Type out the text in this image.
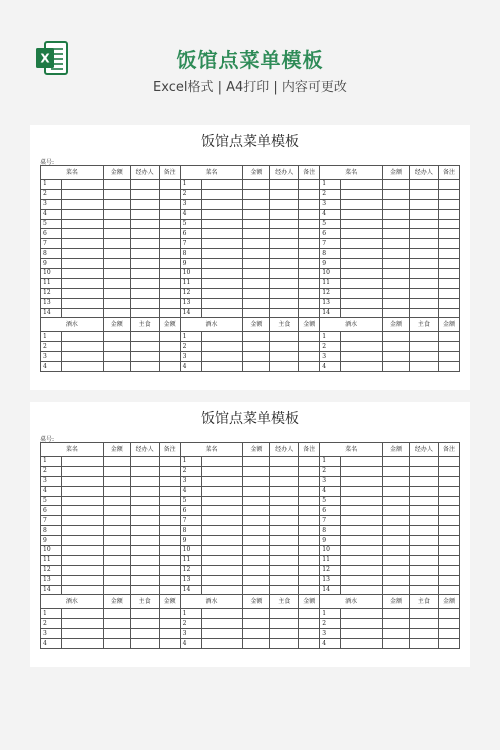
X	饭馆点菜单模板
Excel格式 | A4打印 | 内容可更改
饭馆点菜单模板
桌号:
菜名		金额	经办人	备注	菜名		金额	经办人	备注	菜名		金额	经办人	备注
1					1					1				
2					2					2				
3					3					3				
4					4					4				
5					5					5				
6					6					6				
7					7					7				
8					8					8				
9					9					9				
10					10					10				
11					11					11				
12					12					12				
13					13					13				
14					14					14				
酒水		金额	主食	金额	酒水		金额	主食	金额	酒水		金额	主食	金额
1					1					1				
2					2					2				
3					3					3				
4					4					4				
饭馆点菜单模板
桌号:
菜名		金额	经办人	备注	菜名		金额	经办人	备注	菜名		金额	经办人	备注
1					1					1				
2					2					2				
3					3					3				
4					4					4				
5					5					5				
6					6					6				
7					7					7				
8					8					8				
9					9					9				
10					10					10				
11					11					11				
12					12					12				
13					13					13				
14					14					14				
酒水		金额	主食	金额	酒水		金额	主食	金额	酒水		金额	主食	金额
1					1					1				
2					2					2				
3					3					3				
4					4					4				
